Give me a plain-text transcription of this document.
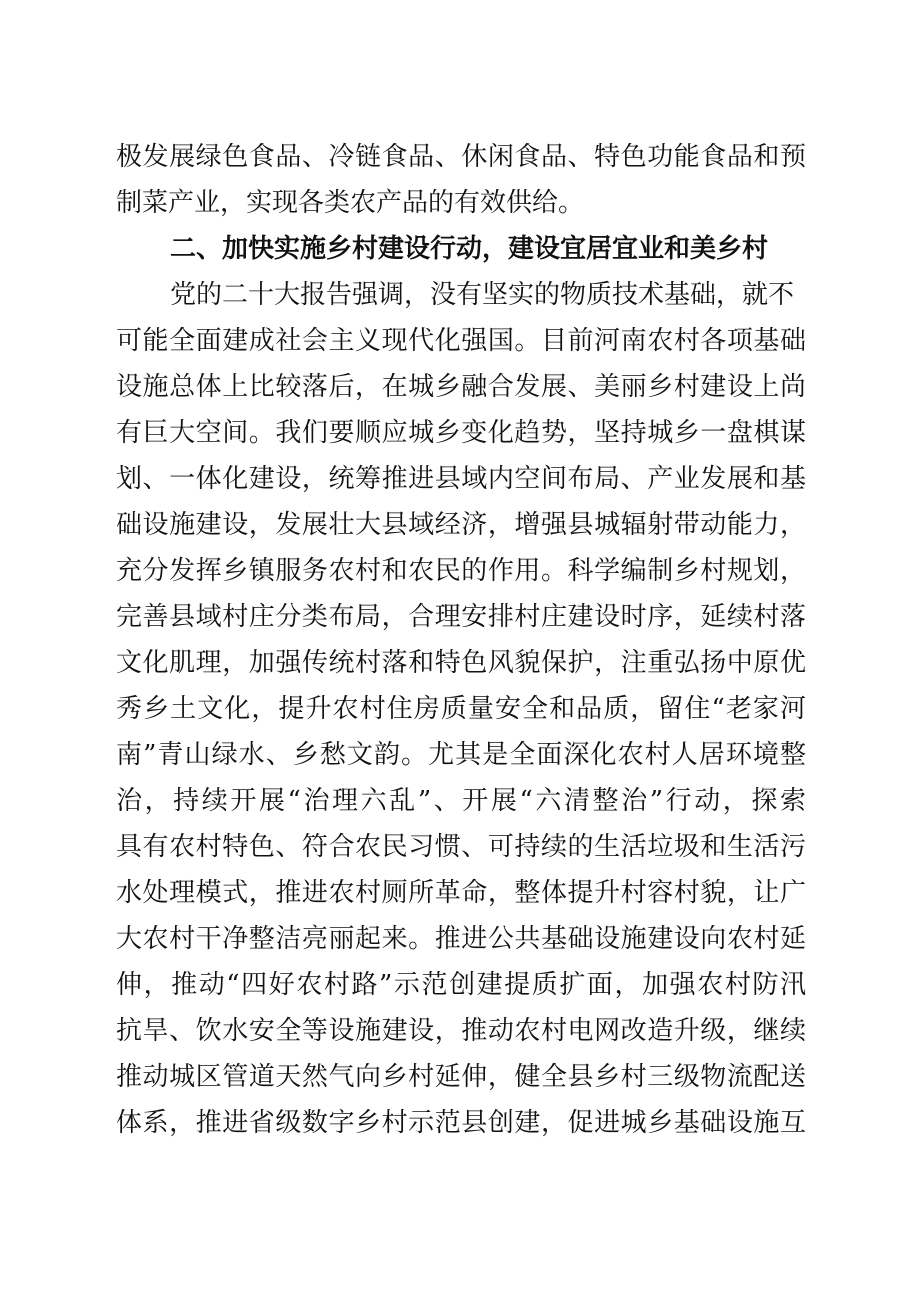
极发展绿色食品、冷链食品、休闲食品、特色功能食品和预
制菜产业，实现各类农产品的有效供给。
二、加快实施乡村建设行动，建设宜居宜业和美乡村
党的二十大报告强调，没有坚实的物质技术基础，就不
可能全面建成社会主义现代化强国。目前河南农村各项基础
设施总体上比较落后，在城乡融合发展、美丽乡村建设上尚
有巨大空间。我们要顺应城乡变化趋势，坚持城乡一盘棋谋
划、一体化建设，统筹推进县域内空间布局、产业发展和基
础设施建设，发展壮大县域经济，增强县城辐射带动能力，
充分发挥乡镇服务农村和农民的作用。科学编制乡村规划，
完善县域村庄分类布局，合理安排村庄建设时序，延续村落
文化肌理，加强传统村落和特色风貌保护，注重弘扬中原优
秀乡土文化，提升农村住房质量安全和品质，留住“老家河
南”青山绿水、乡愁文韵。尤其是全面深化农村人居环境整
治，持续开展“治理六乱”、开展“六清整治”行动，探索
具有农村特色、符合农民习惯、可持续的生活垃圾和生活污
水处理模式，推进农村厕所革命，整体提升村容村貌，让广
大农村干净整洁亮丽起来。推进公共基础设施建设向农村延
伸，推动“四好农村路”示范创建提质扩面，加强农村防汛
抗旱、饮水安全等设施建设，推动农村电网改造升级，继续
推动城区管道天然气向乡村延伸，健全县乡村三级物流配送
体系，推进省级数字乡村示范县创建，促进城乡基础设施互
